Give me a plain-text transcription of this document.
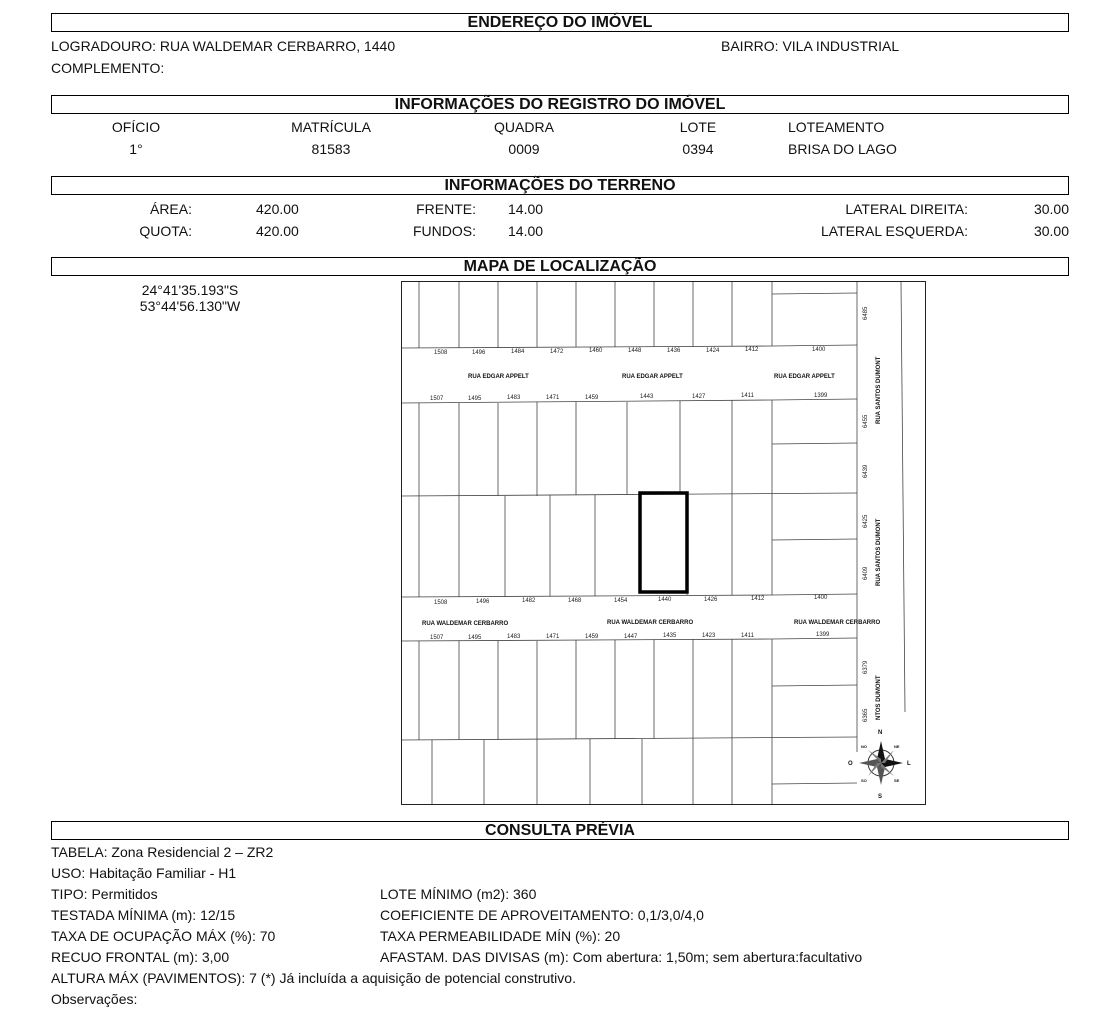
ENDEREÇO DO IMÓVEL
LOGRADOURO: RUA WALDEMAR CERBARRO, 1440	BAIRRO: VILA INDUSTRIAL
COMPLEMENTO:
INFORMAÇÕES DO REGISTRO DO IMÓVEL
OFÍCIO	MATRÍCULA	QUADRA	LOTE	LOTEAMENTO
1°	81583	0009	0394	BRISA DO LAGO
INFORMAÇÕES DO TERRENO
ÁREA:	420.00	FRENTE: 14.00	LATERAL DIREITA:	30.00
QUOTA:	420.00	FUNDOS: 14.00	LATERAL ESQUERDA:	30.00
MAPA DE LOCALIZAÇÃO
24°41'35.193"S
53°44'56.130"W
1508	1496	1484	1472	1460	1448	1436	1424	1412	1400
RUA EDGAR APPELT	RUA EDGAR APPELT	RUA EDGAR APPELT
1507	1495	1483	1471	1459	1443	1427	1411	1399
1508	1496	1482	1468	1454	1440	1426	1412	1400
RUA WALDEMAR CERBARRO	RUA WALDEMAR CERBARRO	RUA WALDEMAR CERBARRO
1507	1495	1483	1471	1459	1447	1435	1423	1411	1399
6485
6455
6439
6425
6409
6379
6365
RUA SANTOS DUMONT
RUA SANTOS DUMONT
NTOS DUMONT
N
S
L
O
NO	NE
SO	SE
CONSULTA PRÉVIA
TABELA: Zona Residencial 2 – ZR2
USO: Habitação Familiar - H1
TIPO: Permitidos	LOTE MÍNIMO (m2): 360
TESTADA MÍNIMA (m): 12/15	COEFICIENTE DE APROVEITAMENTO: 0,1/3,0/4,0
TAXA DE OCUPAÇÃO MÁX (%): 70	TAXA PERMEABILIDADE MÍN (%): 20
RECUO FRONTAL (m): 3,00	AFASTAM. DAS DIVISAS (m): Com abertura: 1,50m; sem abertura:facultativo
ALTURA MÁX (PAVIMENTOS): 7 (*) Já incluída a aquisição de potencial construtivo.
Observações:
